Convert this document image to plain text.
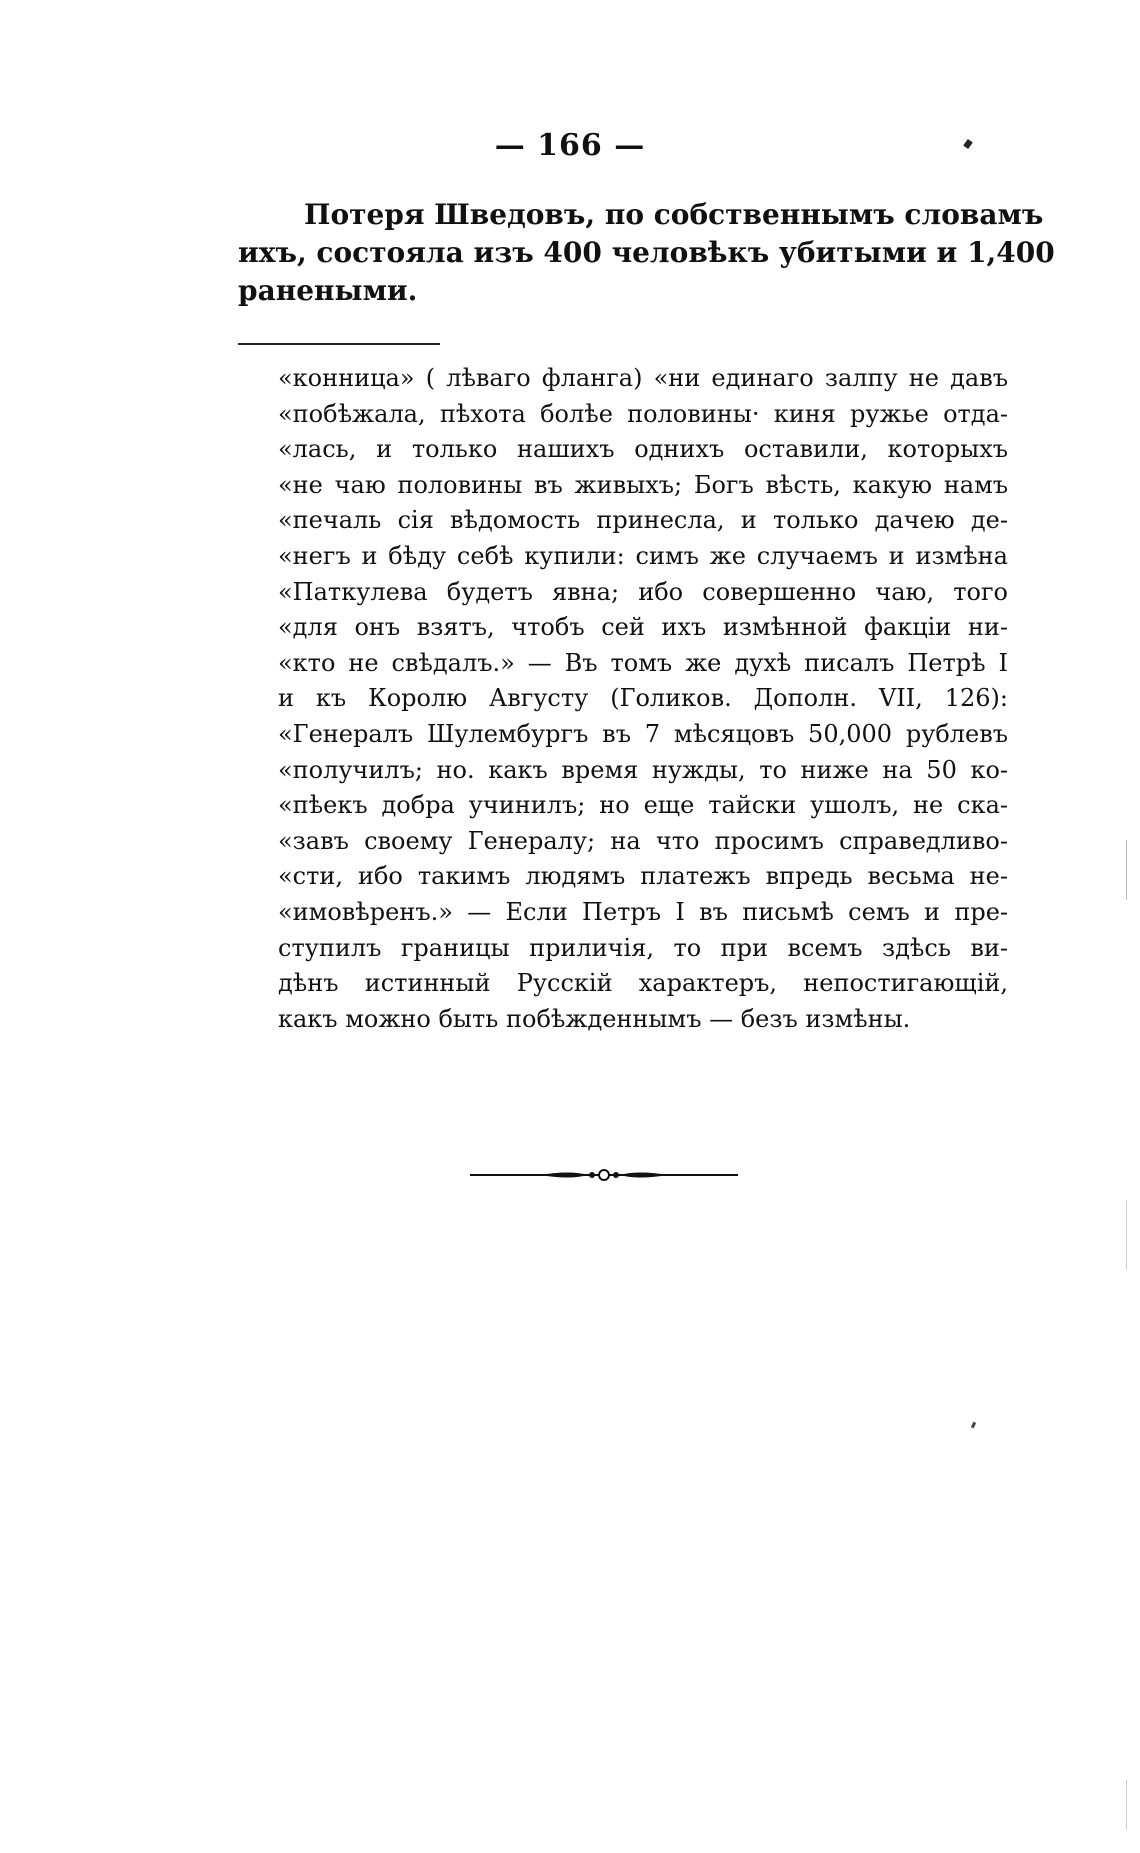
— 166 —
Потеря Шведовъ, по собственнымъ словамъ
ихъ, состояла изъ 400 человѣкъ убитыми и 1,400
ранеными.
«конница» ( лѣваго фланга) «ни единаго залпу не давъ
«побѣжала, пѣхота болѣе половины· киня ружье отда-
«лась, и только нашихъ однихъ оставили, которыхъ
«не чаю половины въ живыхъ; Богъ вѣсть, какую намъ
«печаль сія вѣдомость принесла, и только дачею де-
«негъ и бѣду себѣ купили: симъ же случаемъ и измѣна
«Паткулева будетъ явна; ибо совершенно чаю, того
«для онъ взятъ, чтобъ сей ихъ измѣнной факціи ни-
«кто не свѣдалъ.» — Въ томъ же духѣ писалъ Петрѣ I
и къ Королю Августу (Голиков. Дополн. VII, 126):
«Генералъ Шулембургъ въ 7 мѣсяцовъ 50,000 рублевъ
«получилъ; но. какъ время нужды, то ниже на 50 ко-
«пѣекъ добра учинилъ; но еще тайски ушолъ, не ска-
«завъ своему Генералу; на что просимъ справедливо-
«сти, ибо такимъ людямъ платежъ впредь весьма не-
«имовѣренъ.» — Если Петръ I въ письмѣ семъ и пре-
ступилъ границы приличія, то при всемъ здѣсь ви-
дѣнъ истинный Русскій характеръ, непостигающій,
какъ можно быть побѣжденнымъ — безъ измѣны.
